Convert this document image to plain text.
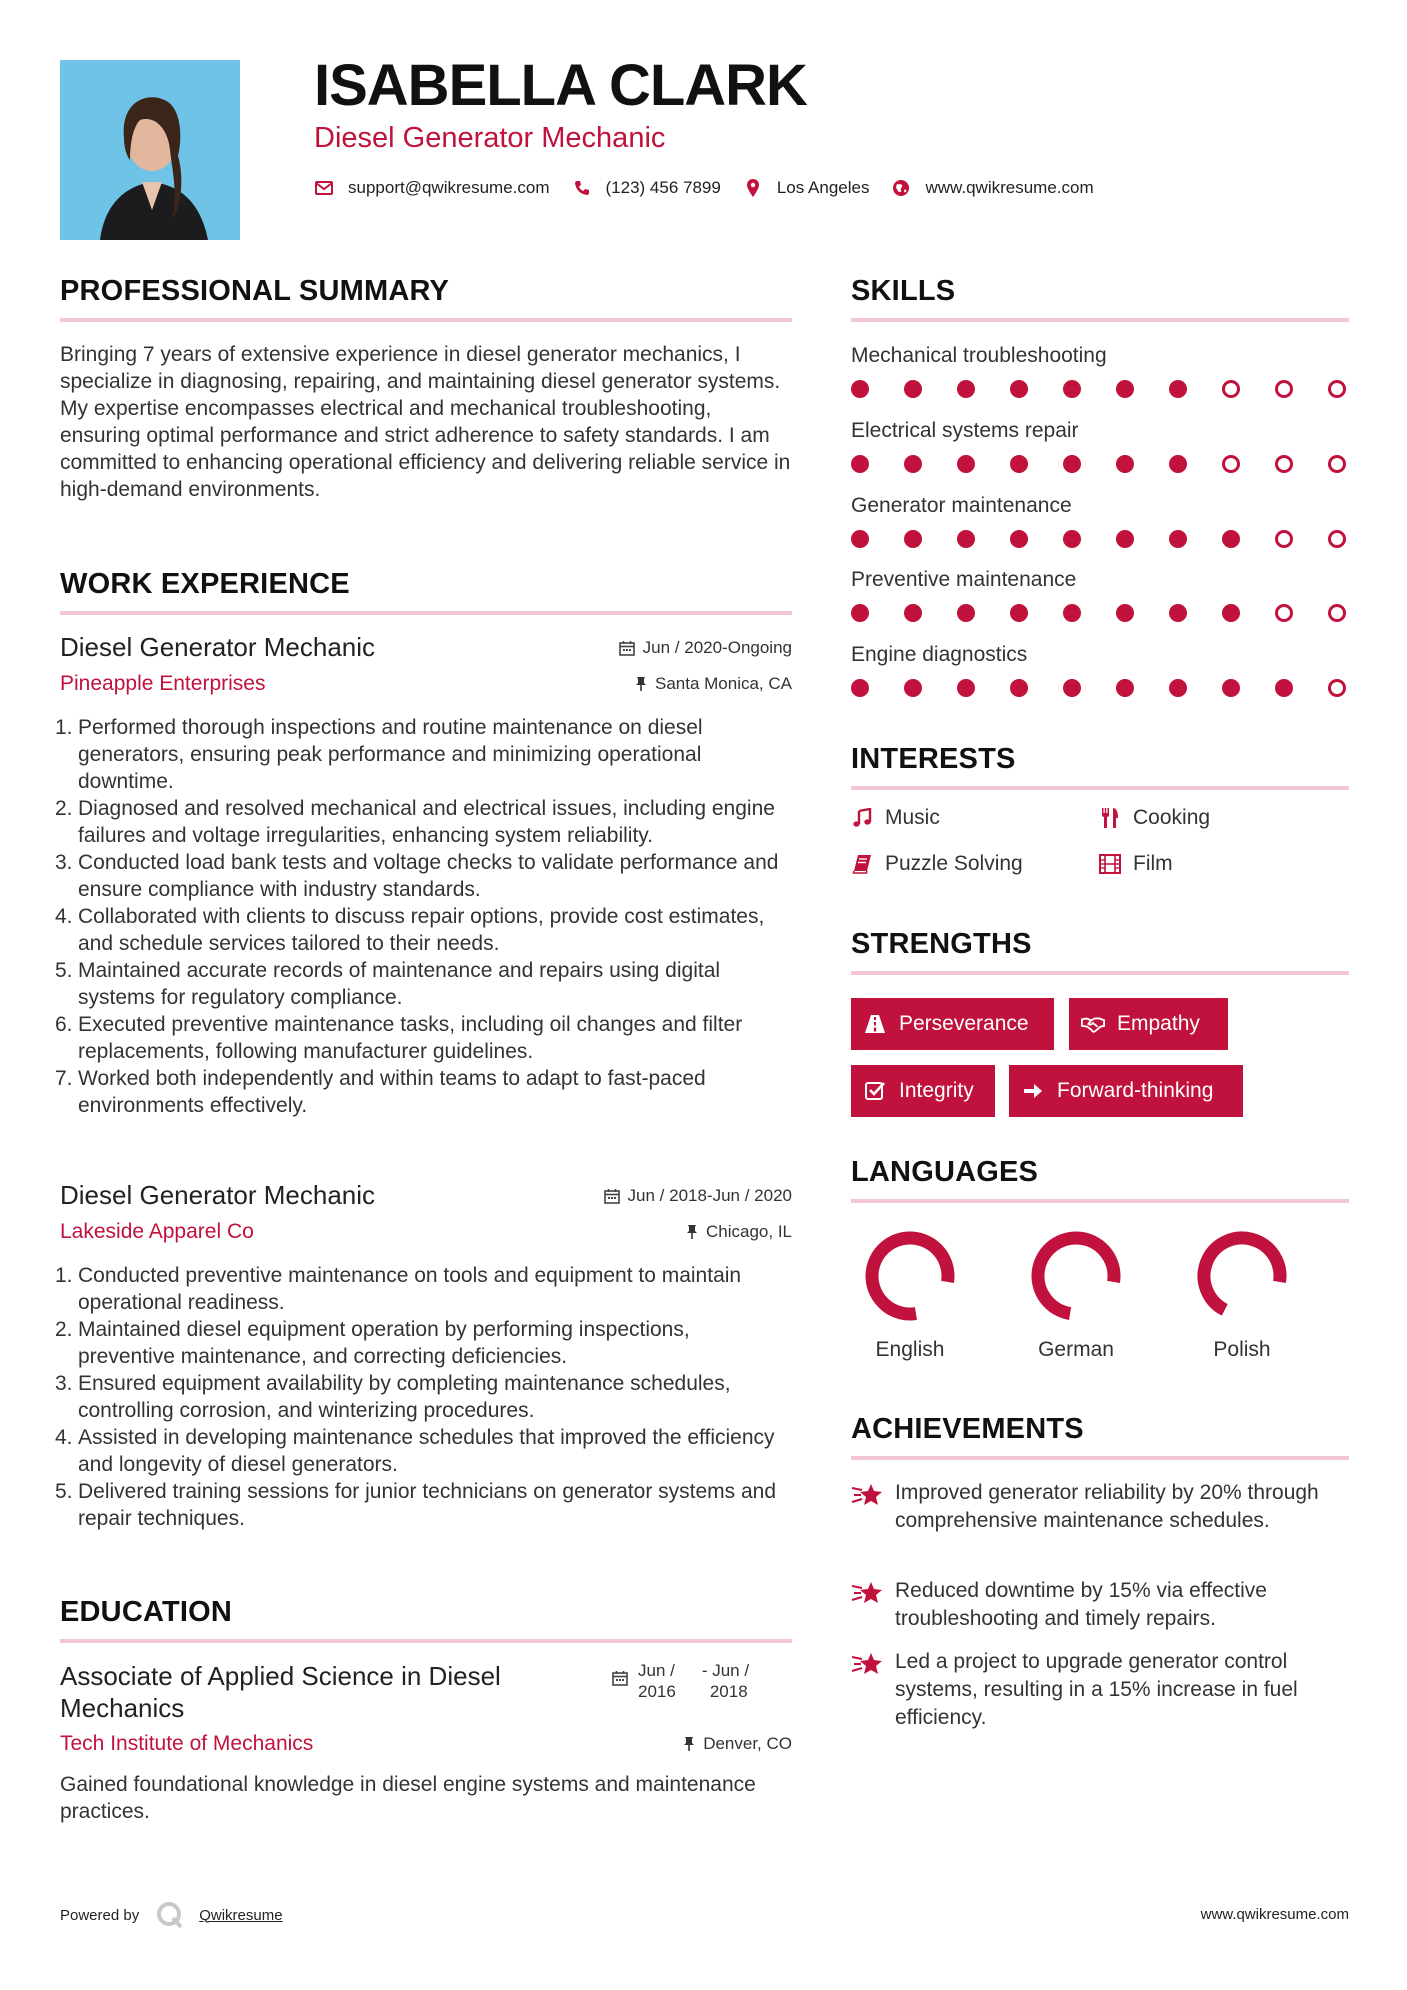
ISABELLA CLARK
Diesel Generator Mechanic
support@qwikresume.com	(123) 456 7899	Los Angeles	www.qwikresume.com
PROFESSIONAL SUMMARY
Bringing 7 years of extensive experience in diesel generator mechanics, I specialize in diagnosing, repairing, and maintaining diesel generator systems. My expertise encompasses electrical and mechanical troubleshooting, ensuring optimal performance and strict adherence to safety standards. I am committed to enhancing operational efficiency and delivering reliable service in high-demand environments.
WORK EXPERIENCE
Diesel Generator Mechanic	Jun / 2020-Ongoing
Pineapple Enterprises	Santa Monica, CA
1. Performed thorough inspections and routine maintenance on diesel generators, ensuring peak performance and minimizing operational downtime.
2. Diagnosed and resolved mechanical and electrical issues, including engine failures and voltage irregularities, enhancing system reliability.
3. Conducted load bank tests and voltage checks to validate performance and ensure compliance with industry standards.
4. Collaborated with clients to discuss repair options, provide cost estimates, and schedule services tailored to their needs.
5. Maintained accurate records of maintenance and repairs using digital systems for regulatory compliance.
6. Executed preventive maintenance tasks, including oil changes and filter replacements, following manufacturer guidelines.
7. Worked both independently and within teams to adapt to fast-paced environments effectively.
Diesel Generator Mechanic	Jun / 2018-Jun / 2020
Lakeside Apparel Co	Chicago, IL
1. Conducted preventive maintenance on tools and equipment to maintain operational readiness.
2. Maintained diesel equipment operation by performing inspections, preventive maintenance, and correcting deficiencies.
3. Ensured equipment availability by completing maintenance schedules, controlling corrosion, and winterizing procedures.
4. Assisted in developing maintenance schedules that improved the efficiency and longevity of diesel generators.
5. Delivered training sessions for junior technicians on generator systems and repair techniques.
EDUCATION
Associate of Applied Science in Diesel Mechanics
Jun /
2016
- Jun /
2018
Tech Institute of Mechanics	Denver, CO
Gained foundational knowledge in diesel engine systems and maintenance practices.
SKILLS
Mechanical troubleshooting
Electrical systems repair
Generator maintenance
Preventive maintenance
Engine diagnostics
INTERESTS
Music	Cooking
Puzzle Solving	Film
STRENGTHS
Perseverance	Empathy
Integrity	Forward-thinking
LANGUAGES
English	German	Polish
ACHIEVEMENTS
Improved generator reliability by 20% through comprehensive maintenance schedules.
Reduced downtime by 15% via effective troubleshooting and timely repairs.
Led a project to upgrade generator control systems, resulting in a 15% increase in fuel efficiency.
Powered by	Qwikresume	www.qwikresume.com
